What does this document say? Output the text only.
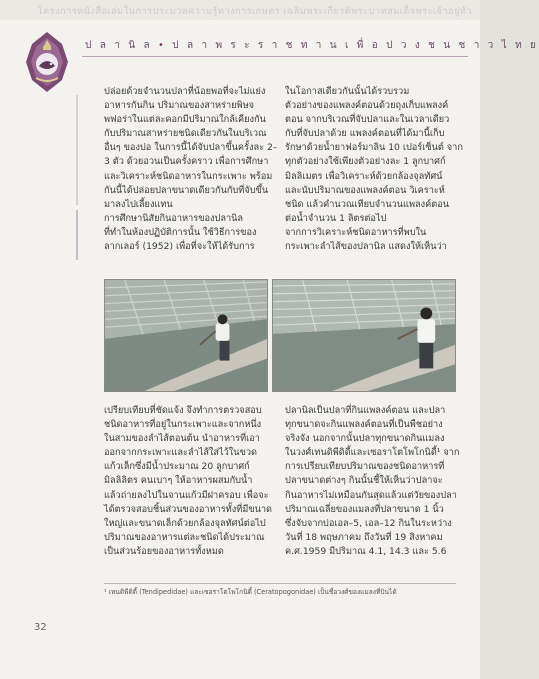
โครงการหนังสือเล่มในการประมวลความรู้ทางการเกษตร เฉลิมพระเกียรติพระบาทสมเด็จพระเจ้าอยู่หัว
ป ล า นิ ล • ป ล า พ ร ะ ร า ช ท า น เ พื่ อ ป ว ง ช น ช า ว ไ ท ย
ปล่อยด้วยจำนวนปลาที่น้อยพอที่จะไม่แย่ง
อาหารกันกิน ปริมาณของสาหร่ายพิษจ
พฟอร่าในแต่ละคอกมีปริมาณใกล้เคียงกัน
กับปริมาณสาหร่ายชนิดเดียวกันในบริเวณ
อื่นๆ ของบ่อ ในการนี้ได้จับปลาขึ้นครั้งละ 2–
3 ตัว ด้วยอวนเป็นครั้งคราว เพื่อการศึกษา
และวิเคราะห์ชนิดอาหารในกระเพาะ พร้อม
กันนี้ได้ปล่อยปลาขนาดเดียวกันกับที่จับขึ้น
มาลงไปเลี้ยงแทน
การศึกษานิสัยกินอาหารของปลานิล
ที่ทำในห้องปฏิบัติการนั้น ใช้วิธีการของ
ลากเลอร์ (1952) เพื่อที่จะให้ได้รับการ
ในโอกาสเดียวกันนั้นได้รวบรวม
ตัวอย่างของแพลงค์ตอนด้วยถุงเก็บแพลงค์
ตอน จากบริเวณที่จับปลาและในเวลาเดียว
กับที่จับปลาด้วย แพลงค์ตอนที่ได้มานี้เก็บ
รักษาด้วยน้ำยาฟอร์มาลิน 10 เปอร์เซ็นต์ จาก
ทุกตัวอย่างใช้เพียงตัวอย่างละ 1 ลูกบาศก์
มิลลิเมตร เพื่อวิเคราะห์ด้วยกล้องจุลทัศน์
และนับปริมาณของแพลงค์ตอน วิเคราะห์
ชนิด แล้วคำนวณเทียบจำนวนแพลงค์ตอน
ต่อน้ำจำนวน 1 ลิตรต่อไป
จากการวิเคราะห์ชนิดอาหารที่พบใน
กระเพาะลำไส้ของปลานิล แสดงให้เห็นว่า
เปรียบเทียบที่ชัดแจ้ง จึงทำการตรวจสอบ
ชนิดอาหารที่อยู่ในกระเพาะและจากหนึ่ง
ในสามของลำไส้ตอนต้น นำอาหารที่เอา
ออกจากกระเพาะและลำไส้ใส่ไว้ในขวด
แก้วเล็กซึ่งมีน้ำประมาณ 20 ลูกบาศก์
มิลลิลิตร คนเบาๆ ให้อาหารผสมกับน้ำ
แล้วถ่ายลงไปในจานแก้วมีฝาครอบ เพื่อจะ
ได้ตรวจสอบชิ้นส่วนของอาหารทั้งที่มีขนาด
ใหญ่และขนาดเล็กด้วยกล้องจุลทัศน์ต่อไป
ปริมาณของอาหารแต่ละชนิดได้ประมาณ
เป็นส่วนร้อยของอาหารทั้งหมด
ปลานิลเป็นปลาที่กินแพลงค์ตอน และปลา
ทุกขนาดจะกินแพลงค์ตอนที่เป็นพืชอย่าง
จริงจัง นอกจากนั้นปลาทุกขนาดกินแมลง
ในวงศ์เทนดิพีดิดี้และเซอราโตโพโกนิดี้¹ จาก
การเปรียบเทียบปริมาณของชนิดอาหารที่
ปลาขนาดต่างๆ กินนั้นชี้ให้เห็นว่าปลาจะ
กินอาหารไม่เหมือนกันสุดแล้วแต่วัยของปลา
ปริมาณเฉลี่ยของแมลงที่ปลาขนาด 1 นิ้ว
ซึ่งจับจากบ่อเอล–5, เอล–12 กินในระหว่าง
วันที่ 18 พฤษภาคม ถึงวันที่ 19 สิงหาคม
ค.ศ.1959 มีปริมาณ 4.1, 14.3 และ 5.6
¹ เทนดิพีดิดี้ (Tendipedidae) และเซอราโตโพโกนิดี้ (Ceratopogonidae) เป็นชื่อวงศ์ของแมลงที่บินได้
32
